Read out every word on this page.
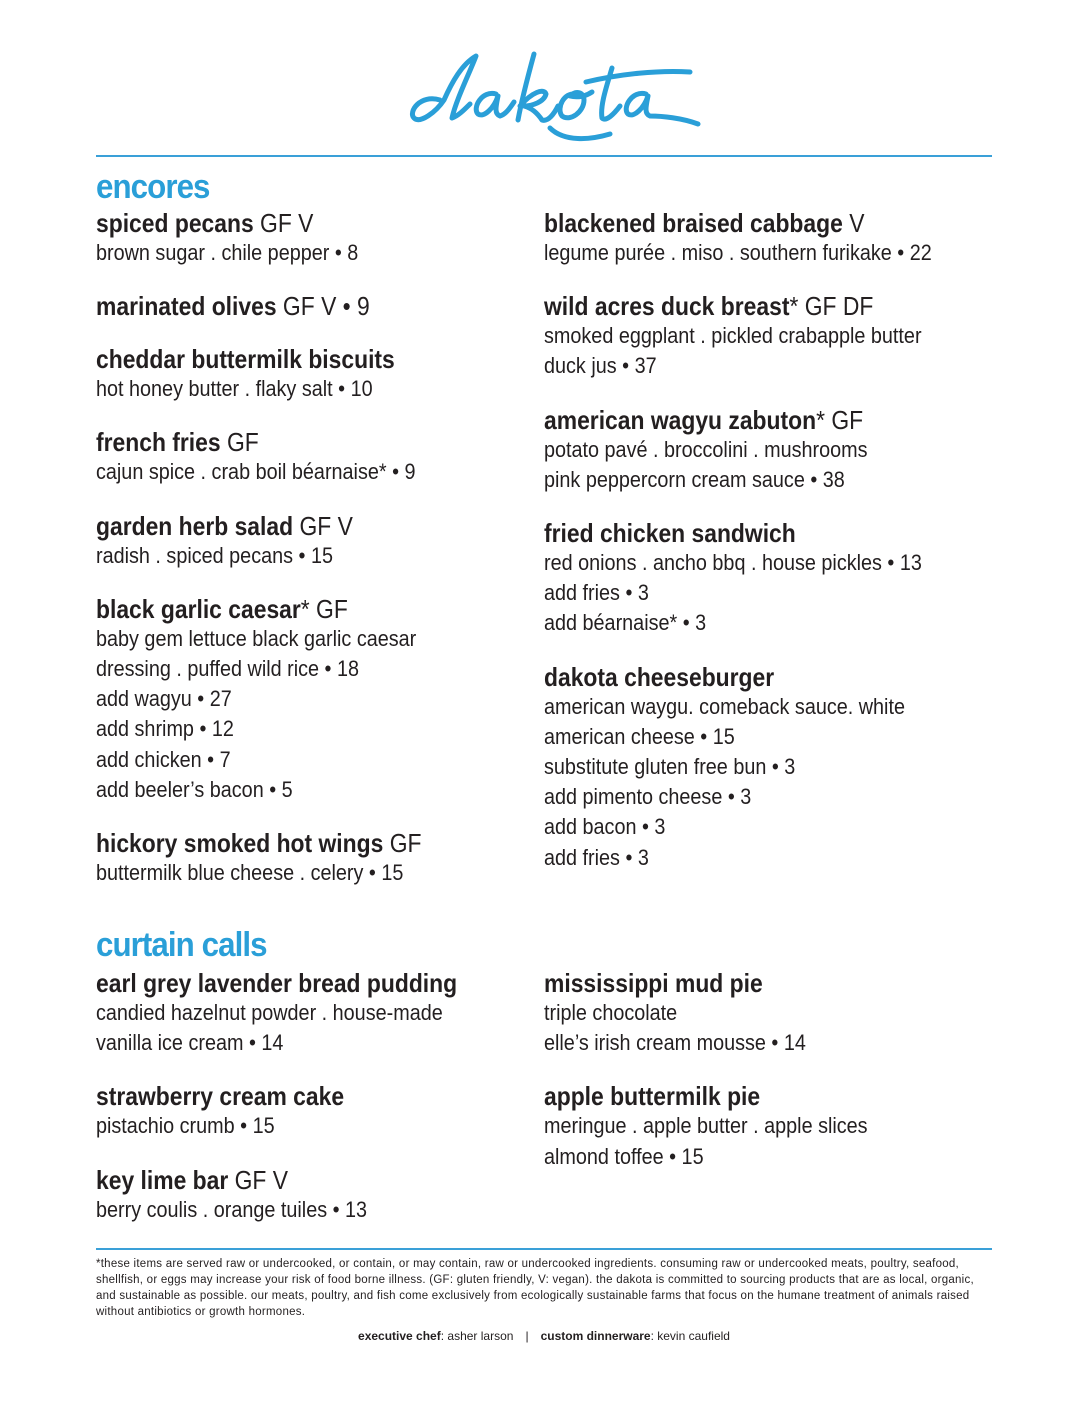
encores
spiced pecans GF V
brown sugar . chile pepper • 8
marinated olives GF V • 9
cheddar buttermilk biscuits
hot honey butter . flaky salt • 10
french fries GF
cajun spice . crab boil béarnaise* • 9
garden herb salad GF V
radish . spiced pecans • 15
black garlic caesar* GF
baby gem lettuce black garlic caesar
dressing . puffed wild rice • 18
add wagyu • 27
add shrimp • 12
add chicken • 7
add beeler’s bacon • 5
hickory smoked hot wings GF
buttermilk blue cheese . celery • 15
blackened braised cabbage V
legume purée . miso . southern furikake • 22
wild acres duck breast* GF DF
smoked eggplant . pickled crabapple butter
duck jus • 37
american wagyu zabuton* GF
potato pavé . broccolini . mushrooms
pink peppercorn cream sauce • 38
fried chicken sandwich
red onions . ancho bbq . house pickles • 13
add fries • 3
add béarnaise* • 3
dakota cheeseburger
american waygu. comeback sauce. white
american cheese • 15
substitute gluten free bun • 3
add pimento cheese • 3
add bacon • 3
add fries • 3
curtain calls
earl grey lavender bread pudding
candied hazelnut powder . house-made
vanilla ice cream • 14
strawberry cream cake
pistachio crumb • 15
key lime bar GF V
berry coulis . orange tuiles • 13
mississippi mud pie
triple chocolate
elle’s irish cream mousse • 14
apple buttermilk pie
meringue . apple butter . apple slices
almond toffee • 15
*these items are served raw or undercooked, or contain, or may contain, raw or undercooked ingredients. consuming raw or undercooked meats, poultry, seafood, shellfish, or eggs may increase your risk of food borne illness. (GF: gluten friendly, V: vegan). the dakota is committed to sourcing products that are as local, organic, and sustainable as possible. our meats, poultry, and fish come exclusively from ecologically sustainable farms that focus on the humane treatment of animals raised without antibiotics or growth hormones.
executive chef: asher larson | custom dinnerware: kevin caufield
